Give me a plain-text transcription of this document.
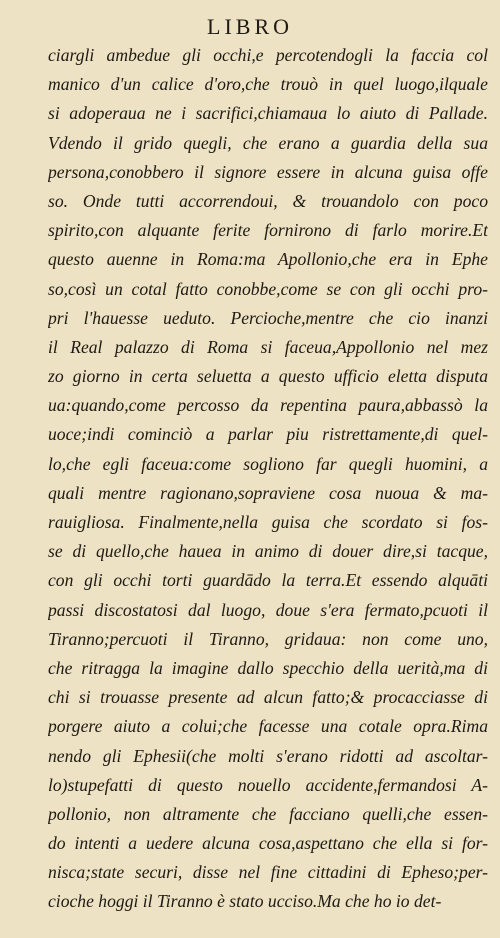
LIBRO
ciargli ambedue gli occhi,e percotendogli la faccia col
manico d'un calice d'oro,che trouò in quel luogo,ilquale
si adoperaua ne i sacrifici,chiamaua lo aiuto di Pallade.
Vdendo il grido quegli, che erano a guardia della sua
persona,conobbero il signore essere in alcuna guisa offe
so. Onde tutti accorrendoui, & trouandolo con poco
spirito,con alquante ferite fornirono di farlo morire.Et
questo auenne in Roma:ma Apollonio,che era in Ephe
so,così un cotal fatto conobbe,come se con gli occhi pro-
pri l'hauesse ueduto. Percioche,mentre che cio inanzi
il Real palazzo di Roma si faceua,Appollonio nel mez
zo giorno in certa seluetta a questo ufficio eletta disputa
ua:quando,come percosso da repentina paura,abbassò la
uoce;indi cominciò a parlar piu ristrettamente,di quel-
lo,che egli faceua:come sogliono far quegli huomini, a
quali mentre ragionano,sopraviene cosa nuoua & ma-
rauigliosa. Finalmente,nella guisa che scordato si fos-
se di quello,che hauea in animo di douer dire,si tacque,
con gli occhi torti guardādo la terra.Et essendo alquāti
passi discostatosi dal luogo, doue s'era fermato,pcuoti il
Tiranno;percuoti il Tiranno, gridaua: non come uno,
che ritragga la imagine dallo specchio della uerità,ma di
chi si trouasse presente ad alcun fatto;& procacciasse di
porgere aiuto a colui;che facesse una cotale opra.Rima
nendo gli Ephesii(che molti s'erano ridotti ad ascoltar-
lo)stupefatti di questo nouello accidente,fermandosi A-
pollonio, non altramente che facciano quelli,che essen-
do intenti a uedere alcuna cosa,aspettano che ella si for-
nisca;state securi, disse nel fine cittadini di Epheso;per-
cioche hoggi il Tiranno è stato ucciso.Ma che ho io det-
